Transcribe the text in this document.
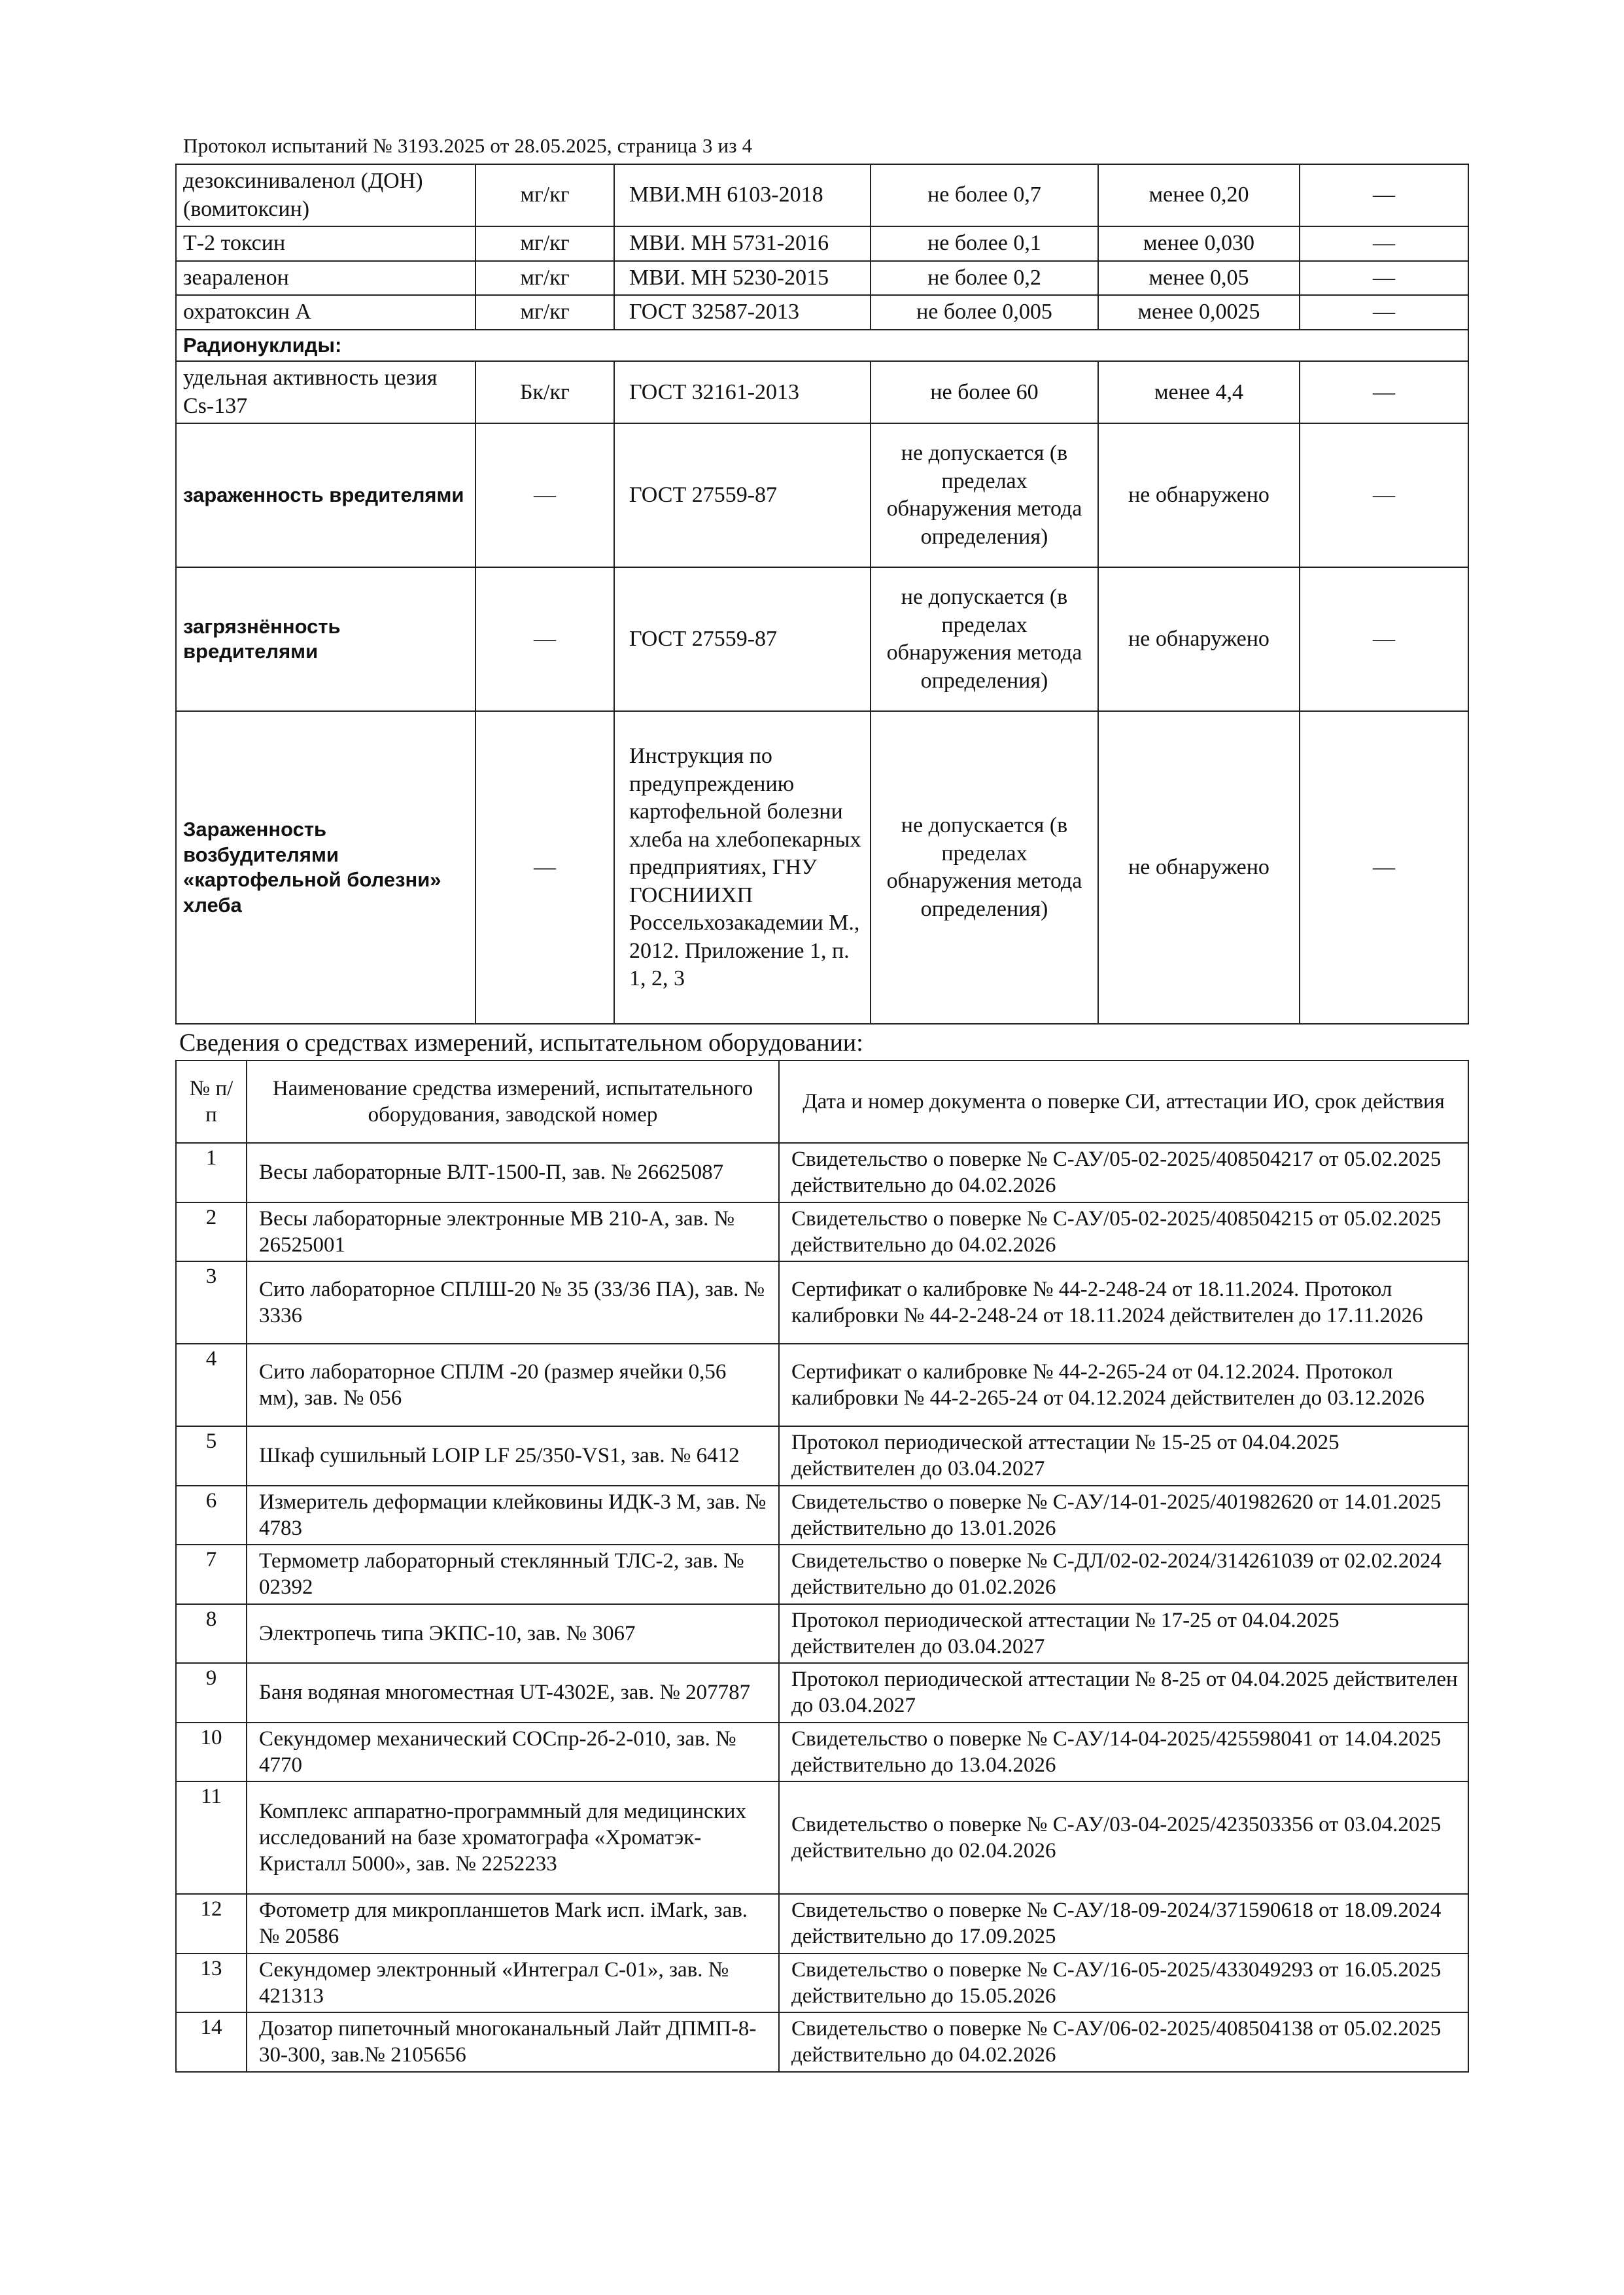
Протокол испытаний № 3193.2025 от 28.05.2025, страница 3 из 4
дезоксиниваленол (ДОН) (вомитоксин)	мг/кг	МВИ.МН 6103-2018	не более 0,7	менее 0,20	—
Т-2 токсин	мг/кг	МВИ. МН 5731-2016	не более 0,1	менее 0,030	—
зеараленон	мг/кг	МВИ. МН 5230-2015	не более 0,2	менее 0,05	—
охратоксин А	мг/кг	ГОСТ 32587-2013	не более 0,005	менее 0,0025	—
Радионуклиды:					
удельная активность цезия Cs-137	Бк/кг	ГОСТ 32161-2013	не более 60	менее 4,4	—
зараженность вредителями	—	ГОСТ 27559-87	не допускается (в пределах обнаружения метода определения)	не обнаружено	—
загрязнённость вредителями	—	ГОСТ 27559-87	не допускается (в пределах обнаружения метода определения)	не обнаружено	—
Зараженность возбудителями «картофельной болезни» хлеба	—	Инструкция по предупреждению картофельной болезни хлеба на хлебопекарных предприятиях, ГНУ ГОСНИИХП Россельхозакадемии М., 2012. Приложение 1, п. 1, 2, 3	не допускается (в пределах обнаружения метода определения)	не обнаружено	—
Сведения о средствах измерений, испытательном оборудовании:
№ п/п	Наименование средства измерений, испытательного оборудования, заводской номер	Дата и номер документа о поверке СИ, аттестации ИО, срок действия
1	Весы лабораторные ВЛТ-1500-П, зав. № 26625087	Свидетельство о поверке № С-АУ/05-02-2025/408504217 от 05.02.2025 действительно до 04.02.2026
2	Весы лабораторные электронные МВ 210-А, зав. № 26525001	Свидетельство о поверке № С-АУ/05-02-2025/408504215 от 05.02.2025 действительно до 04.02.2026
3	Сито лабораторное СПЛШ-20 № 35 (33/36 ПА), зав. № 3336	Сертификат о калибровке № 44-2-248-24 от 18.11.2024. Протокол калибровки № 44-2-248-24 от 18.11.2024 действителен до 17.11.2026
4	Сито лабораторное СПЛМ -20 (размер ячейки 0,56 мм), зав. № 056	Сертификат о калибровке № 44-2-265-24 от 04.12.2024. Протокол калибровки № 44-2-265-24 от 04.12.2024 действителен до 03.12.2026
5	Шкаф сушильный LOIP LF 25/350-VS1, зав. № 6412	Протокол периодической аттестации № 15-25 от 04.04.2025 действителен до 03.04.2027
6	Измеритель деформации клейковины ИДК-3 М, зав. № 4783	Свидетельство о поверке № С-АУ/14-01-2025/401982620 от 14.01.2025 действительно до 13.01.2026
7	Термометр лабораторный стеклянный ТЛС-2, зав. № 02392	Свидетельство о поверке № С-ДЛ/02-02-2024/314261039 от 02.02.2024 действительно до 01.02.2026
8	Электропечь типа ЭКПС-10, зав. № 3067	Протокол периодической аттестации № 17-25 от 04.04.2025 действителен до 03.04.2027
9	Баня водяная многоместная UT-4302E, зав. № 207787	Протокол периодической аттестации № 8-25 от 04.04.2025 действителен до 03.04.2027
10	Секундомер механический СОСпр-2б-2-010, зав. № 4770	Свидетельство о поверке № С-АУ/14-04-2025/425598041 от 14.04.2025 действительно до 13.04.2026
11	Комплекс аппаратно-программный для медицинских исследований на базе хроматографа «Хроматэк-Кристалл 5000», зав. № 2252233	Свидетельство о поверке № С-АУ/03-04-2025/423503356 от 03.04.2025 действительно до 02.04.2026
12	Фотометр для микропланшетов Mark исп. iMark, зав. № 20586	Свидетельство о поверке № С-АУ/18-09-2024/371590618 от 18.09.2024 действительно до 17.09.2025
13	Секундомер электронный «Интеграл С-01», зав. № 421313	Свидетельство о поверке № С-АУ/16-05-2025/433049293 от 16.05.2025 действительно до 15.05.2026
14	Дозатор пипеточный многоканальный Лайт ДПМП-8-30-300, зав.№ 2105656	Свидетельство о поверке № С-АУ/06-02-2025/408504138 от 05.02.2025 действительно до 04.02.2026
